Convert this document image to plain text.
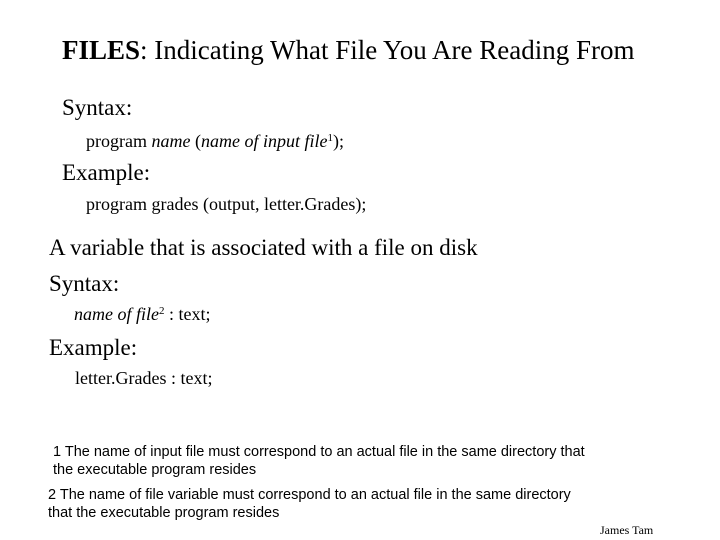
FILES: Indicating What File You Are Reading From
Syntax:
program name (name of input file$^1$);
Example:
program grades (output, letter.Grades);
A variable that is associated with a file on disk
Syntax:
name of file$^2$ : text;
Example:
letter.Grades : text;
1 The name of input file must correspond to an actual file in the same directory that
the executable program resides
2 The name of file variable must correspond to an actual file in the same directory
that the executable program resides
James Tam
